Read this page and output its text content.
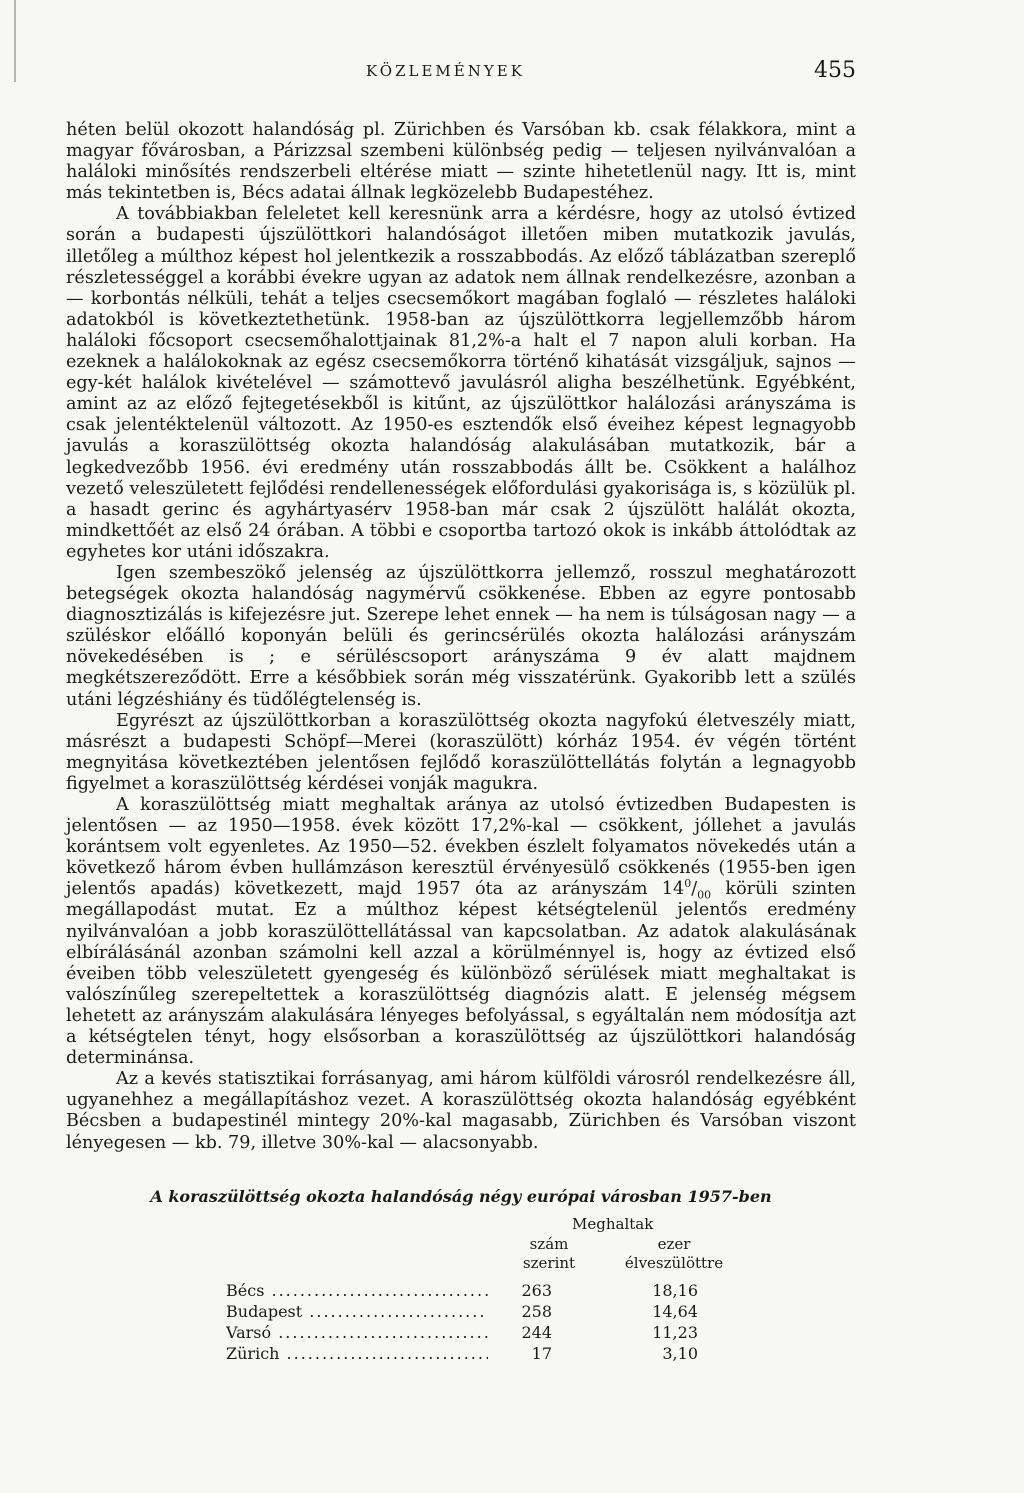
KÖZLEMÉNYEK	455

héten belül okozott halandóság pl. Zürichben és Varsóban kb. csak félakkora, mint a magyar fővárosban, a Párizzsal szembeni különbség pedig — teljesen nyilvánvalóan a haláloki minősítés rendszerbeli eltérése miatt — szinte hihetetlenül nagy. Itt is, mint más tekintetben is, Bécs adatai állnak legközelebb Budapestéhez.

A továbbiakban feleletet kell keresnünk arra a kérdésre, hogy az utolsó évtized során a budapesti újszülöttkori halandóságot illetően miben mutatkozik javulás, illetőleg a múlthoz képest hol jelentkezik a rosszabbodás. Az előző táblázatban szereplő részletességgel a korábbi évekre ugyan az adatok nem állnak rendelkezésre, azonban a — korbontás nélküli, tehát a teljes csecsemőkort magában foglaló — részletes haláloki adatokból is következtethetünk. 1958-ban az újszülöttkorra legjellemzőbb három haláloki főcsoport csecsemőhalottjainak 81,2%-a halt el 7 napon aluli korban. Ha ezeknek a halálokoknak az egész csecsemőkorra történő kihatását vizsgáljuk, sajnos — egy-két halálok kivételével — számottevő javulásról aligha beszélhetünk. Egyébként, amint az az előző fejtegetésekből is kitűnt, az újszülöttkor halálozási arányszáma is csak jelentéktelenül változott. Az 1950-es esztendők első éveihez képest legnagyobb javulás a koraszülöttség okozta halandóság alakulásában mutatkozik, bár a legkedvezőbb 1956. évi eredmény után rosszabbodás állt be. Csökkent a halálhoz vezető veleszületett fejlődési rendellenességek előfordulási gyakorisága is, s közülük pl. a hasadt gerinc és agyhártyasérv 1958-ban már csak 2 újszülött halálát okozta, mindkettőét az első 24 órában. A többi e csoportba tartozó okok is inkább áttolódtak az egyhetes kor utáni időszakra.

Igen szembeszökő jelenség az újszülöttkorra jellemző, rosszul meghatározott betegségek okozta halandóság nagymérvű csökkenése. Ebben az egyre pontosabb diagnosztizálás is kifejezésre jut. Szerepe lehet ennek — ha nem is túlságosan nagy — a szüléskor előálló koponyán belüli és gerincsérülés okozta halálozási arányszám növekedésében is ; e sérüléscsoport arányszáma 9 év alatt majdnem megkétszereződött. Erre a későbbiek során még visszatérünk. Gyakoribb lett a szülés utáni légzéshiány és tüdőlégtelenség is.

Egyrészt az újszülöttkorban a koraszülöttség okozta nagyfokú életveszély miatt, másrészt a budapesti Schöpf—Merei (koraszülött) kórház 1954. év végén történt megnyitása következtében jelentősen fejlődő koraszülöttellátás folytán a legnagyobb figyelmet a koraszülöttség kérdései vonják magukra.

A koraszülöttség miatt meghaltak aránya az utolsó évtizedben Budapesten is jelentősen — az 1950—1958. évek között 17,2%-kal — csökkent, jóllehet a javulás korántsem volt egyenletes. Az 1950—52. években észlelt folyamatos növekedés után a következő három évben hullámzáson keresztül érvényesülő csökkenés (1955-ben igen jelentős apadás) következett, majd 1957 óta az arányszám $14^0/_{00}$ körüli szinten megállapodást mutat. Ez a múlthoz képest kétségtelenül jelentős eredmény nyilvánvalóan a jobb koraszülöttellátással van kapcsolatban. Az adatok alakulásának elbírálásánál azonban számolni kell azzal a körülménnyel is, hogy az évtized első éveiben több veleszületett gyengeség és különböző sérülések miatt meghaltakat is valószínűleg szerepeltettek a koraszülöttség diagnózis alatt. E jelenség mégsem lehetett az arányszám alakulására lényeges befolyással, s egyáltalán nem módosítja azt a kétségtelen tényt, hogy elsősorban a koraszülöttség az újszülöttkori halandóság determinánsa.

Az a kevés statisztikai forrásanyag, ami három külföldi városról rendelkezésre áll, ugyanehhez a megállapításhoz vezet. A koraszülöttség okozta halandóság egyébként Bécsben a budapestinél mintegy 20%-kal magasabb, Zürichben és Varsóban viszont lényegesen — kb. 79, illetve 30%-kal — alacsonyabb.

A koraszülöttség okozta halandóság négy európai városban 1957-ben
Meghaltak
szám
szerint
ezer
élveszülöttre
Bécs .....	263	18,16
Budapest .....	258	14,64
Varsó .....	244	11,23
Zürich .....	17	3,10
